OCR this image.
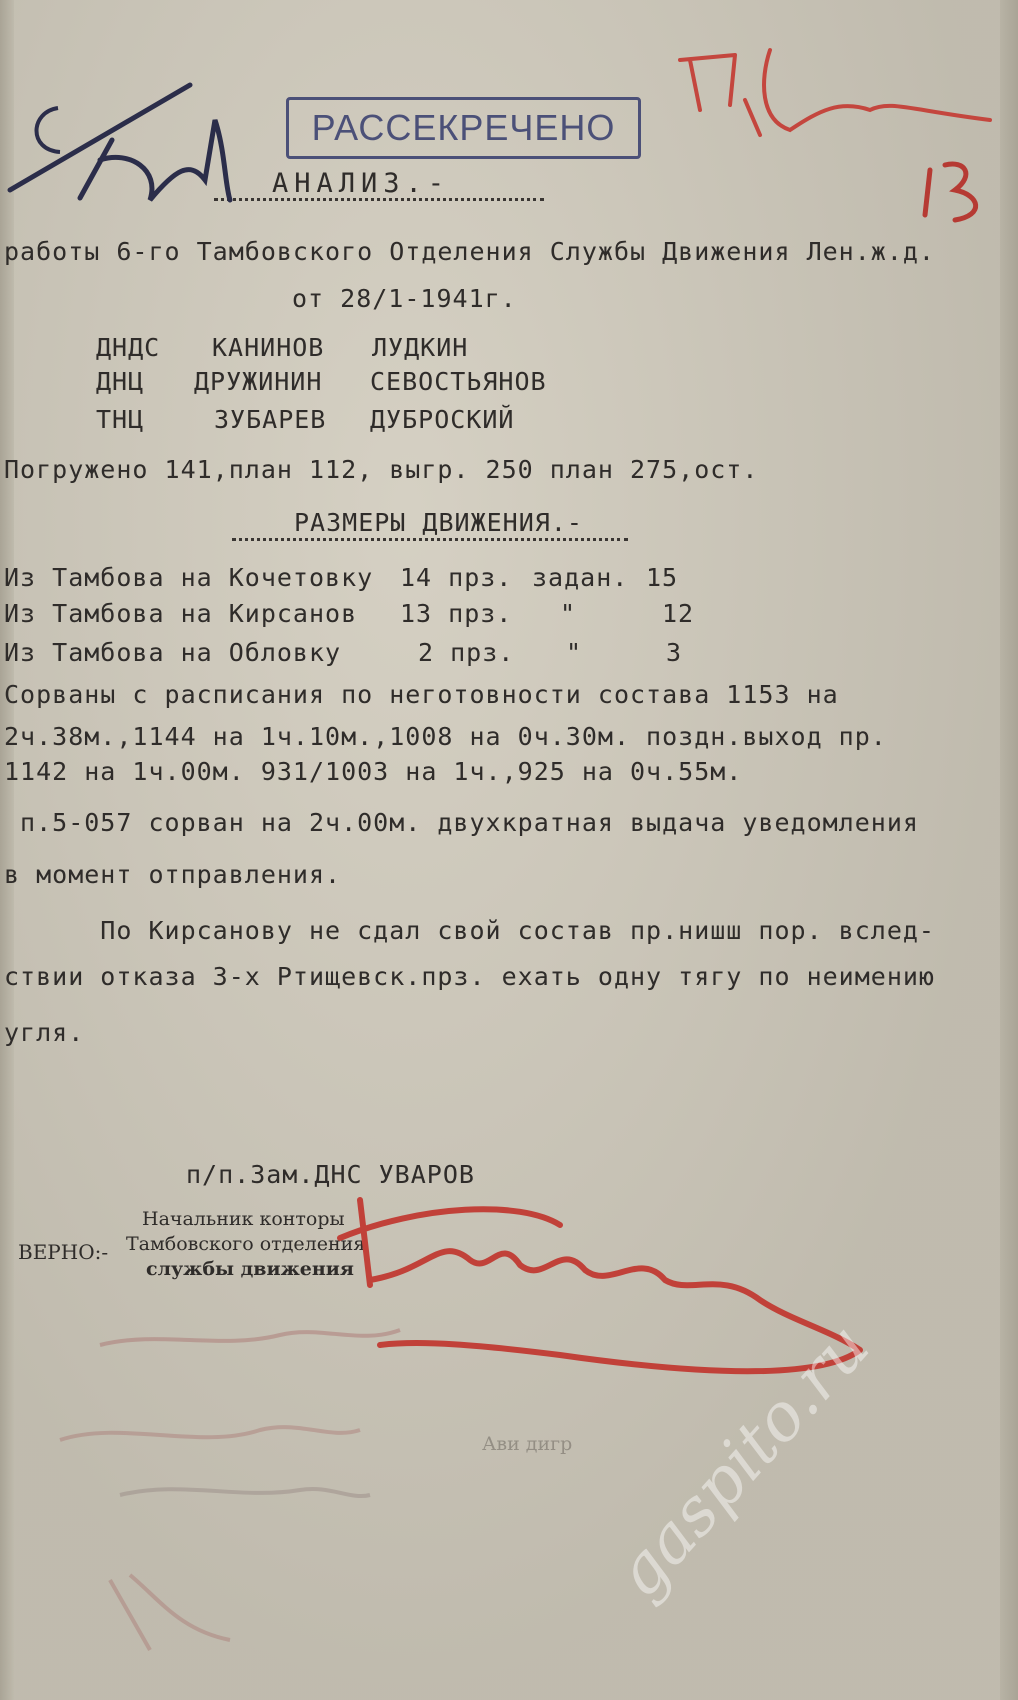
РАССЕКРЕЧЕНО
АНАЛИЗ.-
работы 6-го Тамбовского Отделения Службы Движения Лен.ж.д.
от 28/1-1941г.
ДНДС КАНИНОВ ЛУДКИН
ДНЦ ДРУЖИНИН СЕВОСТЬЯНОВ
ТНЦ	ЗУБАРЕВ ДУБРОСКИЙ
Погружено 141,план 112, выгр. 250 план 275,ост.
РАЗМЕРЫ ДВИЖЕНИЯ.-
Из Тамбова на Кочетовку 14 прз. задан. 15
Из Тамбова на Кирсанов 13 прз. "	12
Из Тамбова на Обловку	2 прз. "	3
Сорваны с расписания по неготовности состава 1153 на
2ч.38м.,1144 на 1ч.10м.,1008 на 0ч.30м. поздн.выход пр.
1142 на 1ч.00м. 931/1003 на 1ч.,925 на 0ч.55м.
п.5-057 сорван на 2ч.00м. двухкратная выдача уведомления
в момент отправления.
По Кирсанову не сдал свой состав пр.нишш пор. вслед-
ствии отказа 3-х Ртищевск.прз. ехать одну тягу по неимению
угля.
п/п.Зам.ДНС УВАРОВ
ВЕРНО:-
Начальник конторы
Тамбовского отделения
службы движения
Ави дигр gaspito.ru
